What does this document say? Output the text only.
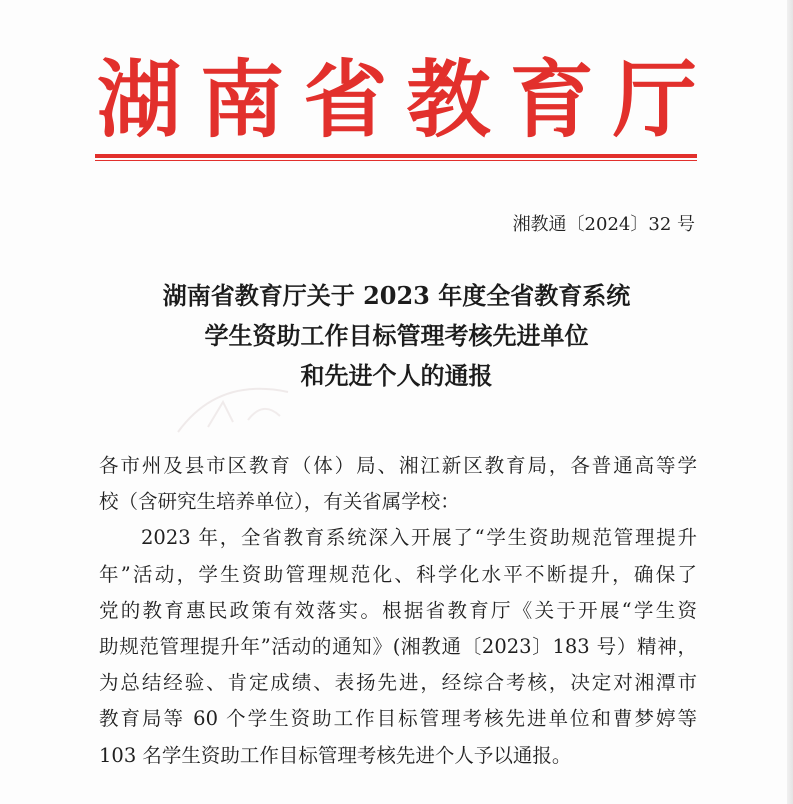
湖 南 省 教 育 厅
湘教通〔2024〕32 号
湖南省教育厅关于 2023 年度全省教育系统
学生资助工作目标管理考核先进单位
和先进个人的通报
各市州及县市区教育（体）局、湘江新区教育局，各普通高等学
校（含研究生培养单位），有关省属学校：
2023 年，全省教育系统深入开展了“学生资助规范管理提升
年”活动，学生资助管理规范化、科学化水平不断提升，确保了
党的教育惠民政策有效落实。根据省教育厅《关于开展“学生资
助规范管理提升年”活动的通知》(湘教通〔2023〕183 号）精神，
为总结经验、肯定成绩、表扬先进，经综合考核，决定对湘潭市
教育局等 60 个学生资助工作目标管理考核先进单位和曹梦婷等
103 名学生资助工作目标管理考核先进个人予以通报。
